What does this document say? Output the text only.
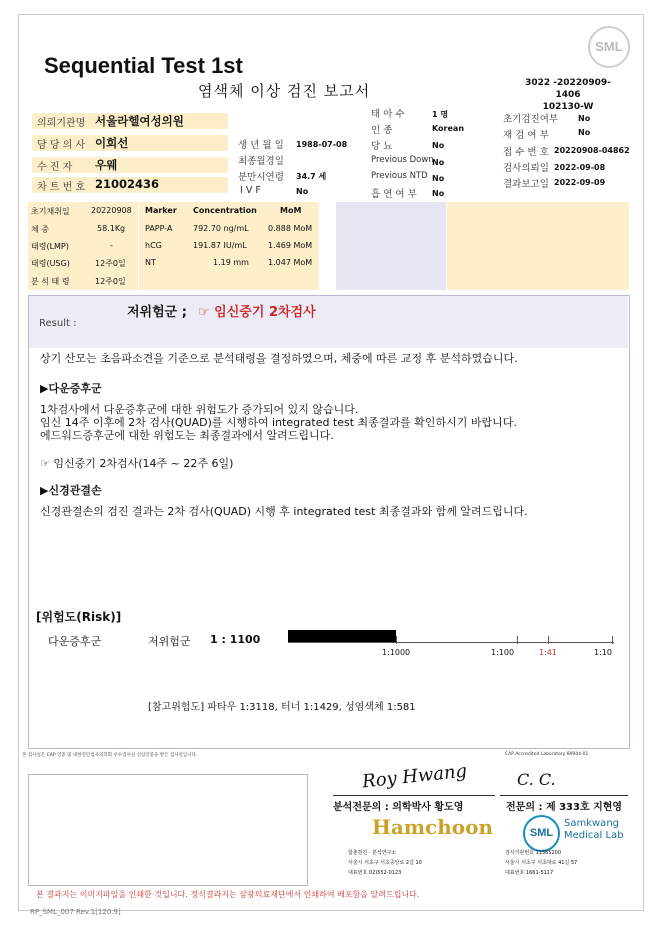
Sequential Test 1st
염색체 이상 검진 보고서
SML
3022 -20220909-1406
102130-W
의뢰기관명 서울라헬여성의원
담 당 의 사 이희선
수 진 자 우웨
차 트 번 호 21002436
생 년 월 일 1988-07-08
최종월경일
분만시연령 34.7 세
I V F	No
태 아 수	1 명
인 종	Korean
당 뇨	No
Previous Down
No
Previous NTD No
흡 연 여 부 No
초기검진여부 No
재 검 여 부	No
접 수 번 호 20220908-04862
검사의뢰일 2022-09-08
결과보고일 2022-09-09
초기채취일	20220908
체 중	58.1Kg
태령(LMP)	-
태령(USG)	12주0일
분 석 태 령	12주0일
Marker Concentration	MoM
PAPP-A	792.70 ng/mL 0.888 MoM
hCG	191.87 IU/mL	1.469 MoM
NT	1.19 mm 1.047 MoM
Result :
저위험군 ; ☞ 임신중기 2차검사
상기 산모는 초음파소견을 기준으로 분석태령을 결정하였으며, 체중에 따른 교정 후 분석하였습니다.
▶다운증후군
1차검사에서 다운증후군에 대한 위험도가 증가되어 있지 않습니다.
임신 14주 이후에 2차 검사(QUAD)를 시행하여 integrated test 최종결과를 확인하시기 바랍니다.
에드워드증후군에 대한 위험도는 최종결과에서 알려드립니다.
☞ 임신중기 2차검사(14주 ~ 22주 6일)
▶신경관결손
신경관결손의 검진 결과는 2차 검사(QUAD) 시행 후 integrated test 최종결과와 함께 알려드립니다.
[위험도(Risk)]
다운증후군	저위험군 1 : 1100
1:1000	1:100	1:41	1:10
[참고위험도] 파타우 1:3118, 터너 1:1429, 성염색체 1:581
본 검사실은 CAP 인증 및 대한진단검사의학회 우수검사실 신임인증을 받은 검사실입니다.	CAP Accredited Laboratory 89944-01
Roy Hwang
분석전문의 : 의학박사 황도영
Hamchoon
함춘검진 · 분석연구소
서울시 서초구 서초중앙로 2길 10
대표번호 02)552-0123
C. C.
전문의 : 제 333호 지현영
SML
Samkwang
Medical Lab
검사기관번호 11365200
서울시 서초구 서초대로 41길 57
대표번호 1661-5117
본 결과지는 이미지파일을 인쇄한 것입니다. 정식결과지는 삼광의료재단에서 인쇄하여 배포함을 알려드립니다.
RP_SML_007 Rev.1[120.9]
